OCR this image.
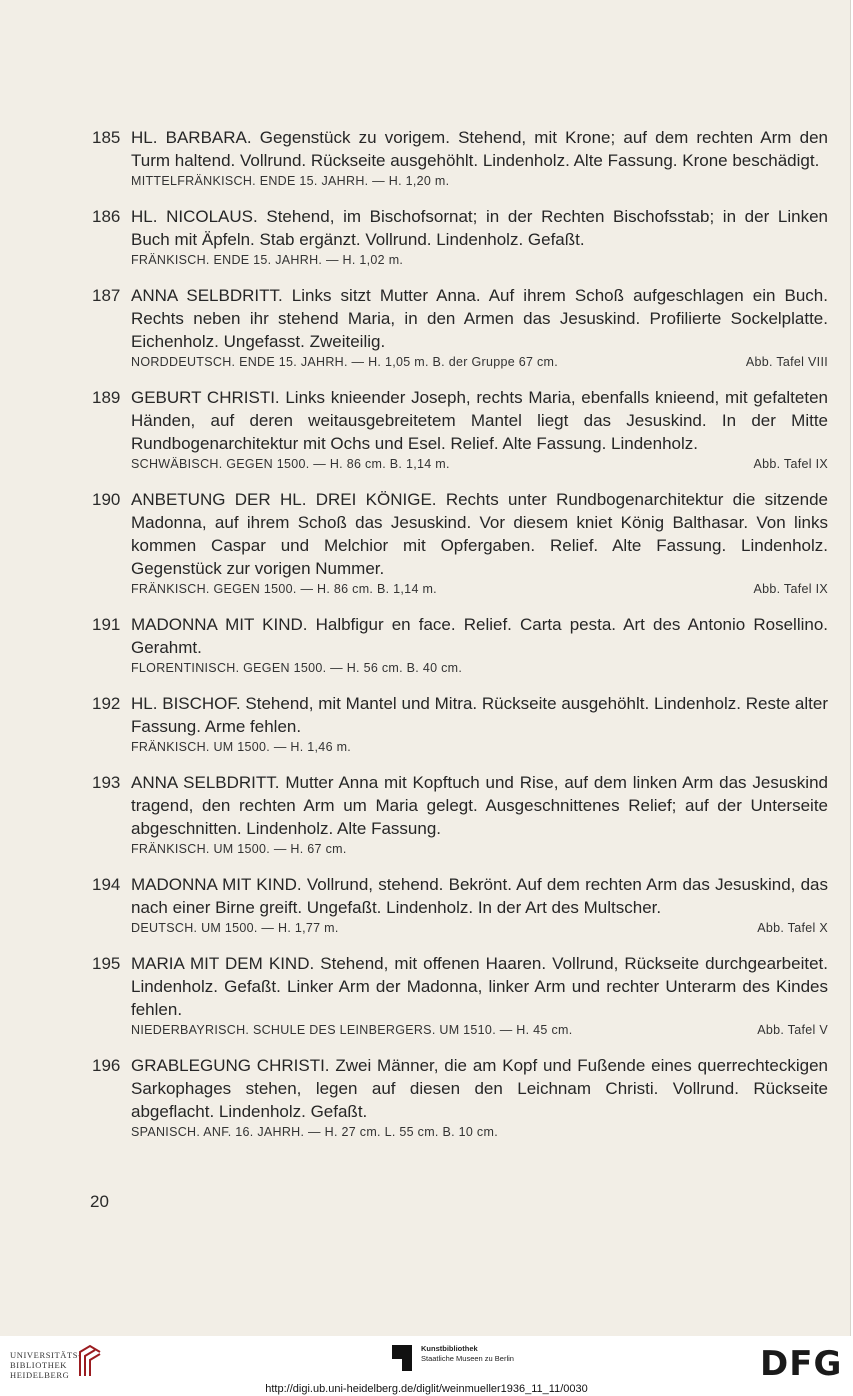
185 HL. BARBARA. Gegenstück zu vorigem. Stehend, mit Krone; auf dem rechten Arm den Turm haltend. Vollrund. Rückseite ausgehöhlt. Lindenholz. Alte Fassung. Krone beschädigt.
MITTELFRÄNKISCH. ENDE 15. JAHRH. — H. 1,20 m.
186 HL. NICOLAUS. Stehend, im Bischofsornat; in der Rechten Bischofsstab; in der Linken Buch mit Äpfeln. Stab ergänzt. Vollrund. Lindenholz. Gefaßt.
FRÄNKISCH. ENDE 15. JAHRH. — H. 1,02 m.
187 ANNA SELBDRITT. Links sitzt Mutter Anna. Auf ihrem Schoß aufgeschlagen ein Buch. Rechts neben ihr stehend Maria, in den Armen das Jesuskind. Profilierte Sockelplatte. Eichenholz. Ungefasst. Zweiteilig.
NORDDEUTSCH. ENDE 15. JAHRH. — H. 1,05 m. B. der Gruppe 67 cm.	Abb. Tafel VIII
189 GEBURT CHRISTI. Links knieender Joseph, rechts Maria, ebenfalls knieend, mit gefalteten Händen, auf deren weitausgebreitetem Mantel liegt das Jesuskind. In der Mitte Rundbogenarchitektur mit Ochs und Esel. Relief. Alte Fassung. Lindenholz.
SCHWÄBISCH. GEGEN 1500. — H. 86 cm. B. 1,14 m.	Abb. Tafel IX
190 ANBETUNG DER HL. DREI KÖNIGE. Rechts unter Rundbogenarchitektur die sitzende Madonna, auf ihrem Schoß das Jesuskind. Vor diesem kniet König Balthasar. Von links kommen Caspar und Melchior mit Opfergaben. Relief. Alte Fassung. Lindenholz. Gegenstück zur vorigen Nummer.
FRÄNKISCH. GEGEN 1500. — H. 86 cm. B. 1,14 m.	Abb. Tafel IX
191 MADONNA MIT KIND. Halbfigur en face. Relief. Carta pesta. Art des Antonio Rosellino. Gerahmt.
FLORENTINISCH. GEGEN 1500. — H. 56 cm. B. 40 cm.
192 HL. BISCHOF. Stehend, mit Mantel und Mitra. Rückseite ausgehöhlt. Lindenholz. Reste alter Fassung. Arme fehlen.
FRÄNKISCH. UM 1500. — H. 1,46 m.
193 ANNA SELBDRITT. Mutter Anna mit Kopftuch und Rise, auf dem linken Arm das Jesuskind tragend, den rechten Arm um Maria gelegt. Ausgeschnittenes Relief; auf der Unterseite abgeschnitten. Lindenholz. Alte Fassung.
FRÄNKISCH. UM 1500. — H. 67 cm.
194 MADONNA MIT KIND. Vollrund, stehend. Bekrönt. Auf dem rechten Arm das Jesuskind, das nach einer Birne greift. Ungefaßt. Lindenholz. In der Art des Multscher.
DEUTSCH. UM 1500. — H. 1,77 m.	Abb. Tafel X
195 MARIA MIT DEM KIND. Stehend, mit offenen Haaren. Vollrund, Rückseite durchgearbeitet. Lindenholz. Gefaßt. Linker Arm der Madonna, linker Arm und rechter Unterarm des Kindes fehlen.
NIEDERBAYRISCH. SCHULE DES LEINBERGERS. UM 1510. — H. 45 cm.	Abb. Tafel V
196 GRABLEGUNG CHRISTI. Zwei Männer, die am Kopf und Fußende eines querrechteckigen Sarkophages stehen, legen auf diesen den Leichnam Christi. Vollrund. Rückseite abgeflacht. Lindenholz. Gefaßt.
SPANISCH. ANF. 16. JAHRH. — H. 27 cm. L. 55 cm. B. 10 cm.
20
UNIVERSITÄTS-
BIBLIOTHEK
HEIDELBERG
Kunstbibliothek
Staatliche Museen zu Berlin	DFG
http://digi.ub.uni-heidelberg.de/diglit/weinmueller1936_11_11/0030
